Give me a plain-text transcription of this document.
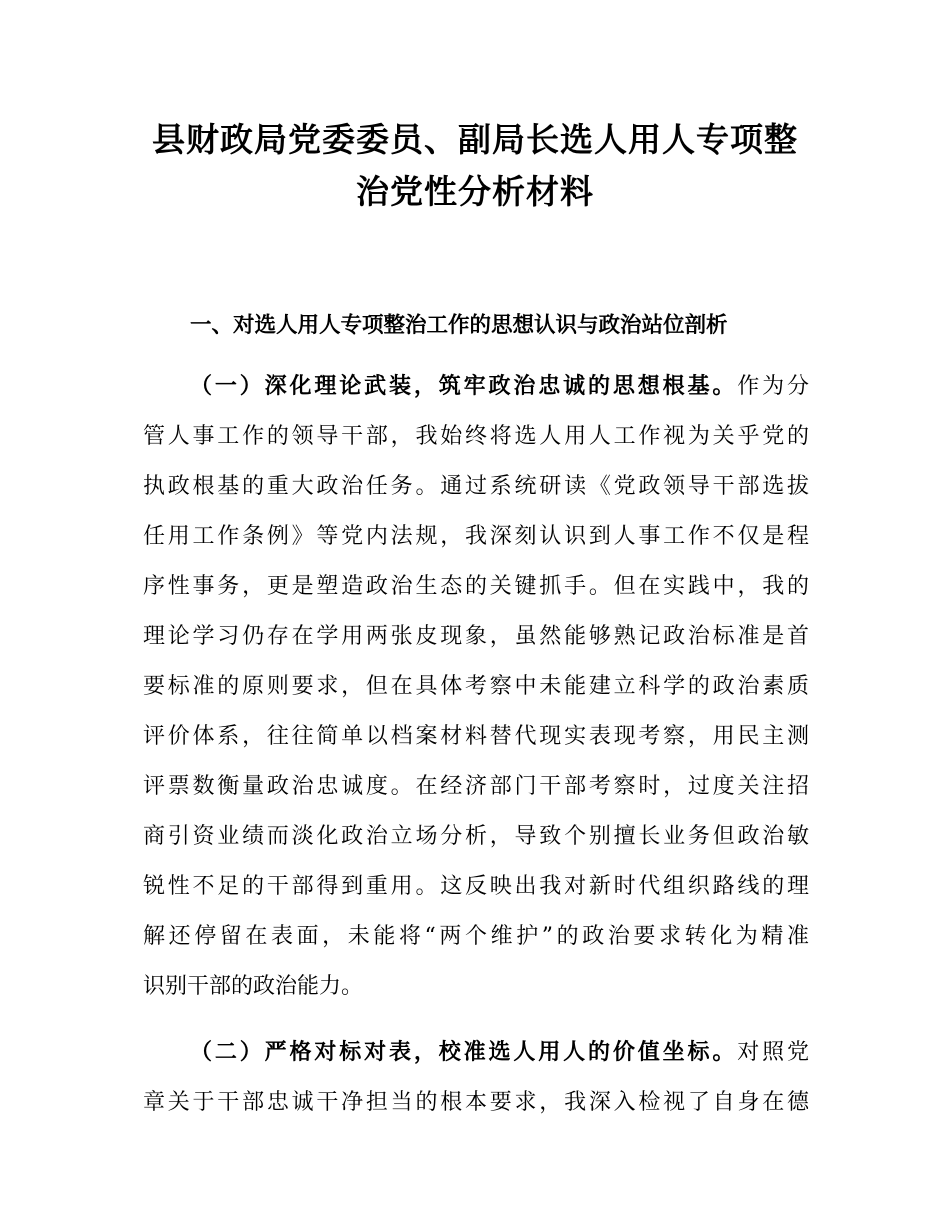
县财政局党委委员、副局长选人用人专项整
治党性分析材料
一、对选人用人专项整治工作的思想认识与政治站位剖析
（一）深化理论武装，筑牢政治忠诚的思想根基。作为分
管人事工作的领导干部，我始终将选人用人工作视为关乎党的
执政根基的重大政治任务。通过系统研读《党政领导干部选拔
任用工作条例》等党内法规，我深刻认识到人事工作不仅是程
序性事务，更是塑造政治生态的关键抓手。但在实践中，我的
理论学习仍存在学用两张皮现象，虽然能够熟记政治标准是首
要标准的原则要求，但在具体考察中未能建立科学的政治素质
评价体系，往往简单以档案材料替代现实表现考察，用民主测
评票数衡量政治忠诚度。在经济部门干部考察时，过度关注招
商引资业绩而淡化政治立场分析，导致个别擅长业务但政治敏
锐性不足的干部得到重用。这反映出我对新时代组织路线的理
解还停留在表面，未能将“两个维护”的政治要求转化为精准
识别干部的政治能力。
（二）严格对标对表，校准选人用人的价值坐标。对照党
章关于干部忠诚干净担当的根本要求，我深入检视了自身在德
